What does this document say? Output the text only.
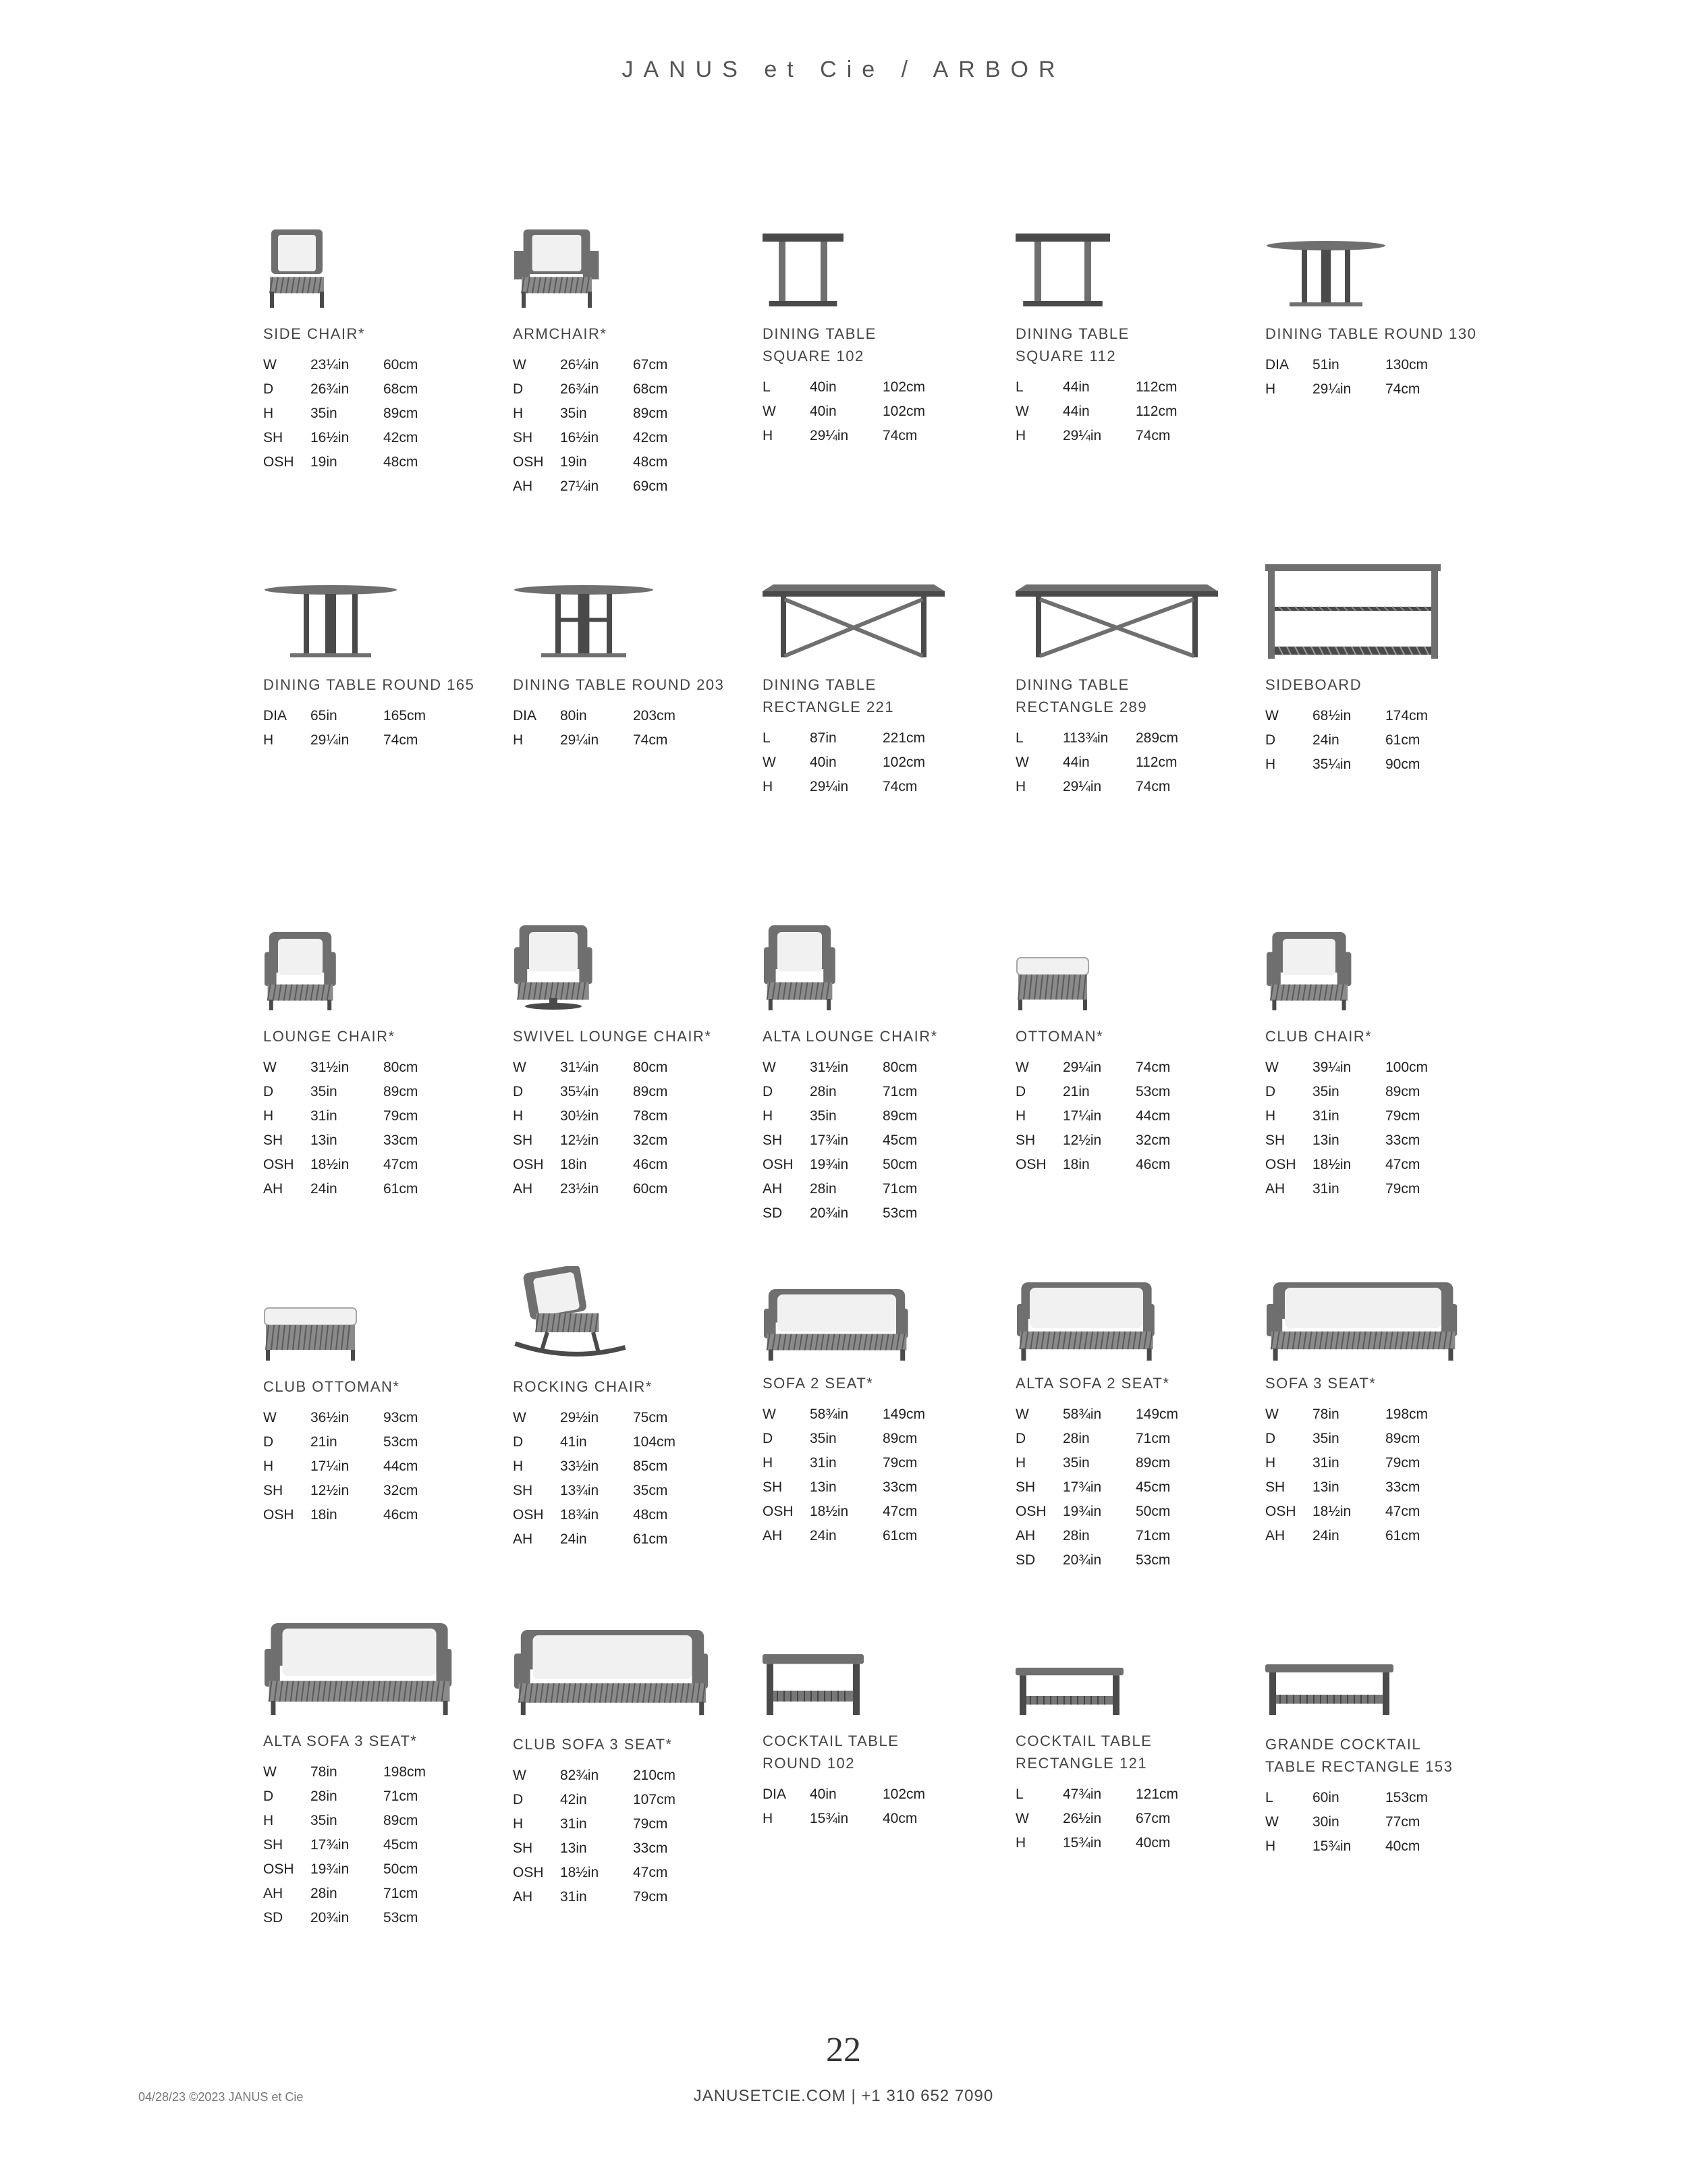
JANUS et Cie / ARBOR
SIDE CHAIR*
W	23¼in	60cm
D	26¾in	68cm
H	35in	89cm
SH	16½in	42cm
OSH	19in	48cm
ARMCHAIR*
W	26¼in	67cm
D	26¾in	68cm
H	35in	89cm
SH	16½in	42cm
OSH	19in	48cm
AH	27¼in	69cm
DINING TABLE
SQUARE 102
L	40in	102cm
W	40in	102cm
H	29¼in	74cm
DINING TABLE
SQUARE 112
L	44in	112cm
W	44in	112cm
H	29¼in	74cm
DINING TABLE ROUND 130
DIA	51in	130cm
H	29¼in	74cm
DINING TABLE ROUND 165
DIA	65in	165cm
H	29¼in	74cm
DINING TABLE ROUND 203
DIA	80in	203cm
H	29¼in	74cm
DINING TABLE
RECTANGLE 221
L	87in	221cm
W	40in	102cm
H	29¼in	74cm
DINING TABLE
RECTANGLE 289
L	113¾in	289cm
W	44in	112cm
H	29¼in	74cm
SIDEBOARD
W	68½in	174cm
D	24in	61cm
H	35¼in	90cm
LOUNGE CHAIR*
W	31½in	80cm
D	35in	89cm
H	31in	79cm
SH	13in	33cm
OSH	18½in	47cm
AH	24in	61cm
SWIVEL LOUNGE CHAIR*
W	31¼in	80cm
D	35¼in	89cm
H	30½in	78cm
SH	12½in	32cm
OSH	18in	46cm
AH	23½in	60cm
ALTA LOUNGE CHAIR*
W	31½in	80cm
D	28in	71cm
H	35in	89cm
SH	17¾in	45cm
OSH	19¾in	50cm
AH	28in	71cm
SD	20¾in	53cm
OTTOMAN*
W	29¼in	74cm
D	21in	53cm
H	17¼in	44cm
SH	12½in	32cm
OSH	18in	46cm
CLUB CHAIR*
W	39¼in	100cm
D	35in	89cm
H	31in	79cm
SH	13in	33cm
OSH	18½in	47cm
AH	31in	79cm
CLUB OTTOMAN*
W	36½in	93cm
D	21in	53cm
H	17¼in	44cm
SH	12½in	32cm
OSH	18in	46cm
ROCKING CHAIR*
W	29½in	75cm
D	41in	104cm
H	33½in	85cm
SH	13¾in	35cm
OSH	18¾in	48cm
AH	24in	61cm
SOFA 2 SEAT*
W	58¾in	149cm
D	35in	89cm
H	31in	79cm
SH	13in	33cm
OSH	18½in	47cm
AH	24in	61cm
ALTA SOFA 2 SEAT*
W	58¾in	149cm
D	28in	71cm
H	35in	89cm
SH	17¾in	45cm
OSH	19¾in	50cm
AH	28in	71cm
SD	20¾in	53cm
SOFA 3 SEAT*
W	78in	198cm
D	35in	89cm
H	31in	79cm
SH	13in	33cm
OSH	18½in	47cm
AH	24in	61cm
ALTA SOFA 3 SEAT*
W	78in	198cm
D	28in	71cm
H	35in	89cm
SH	17¾in	45cm
OSH	19¾in	50cm
AH	28in	71cm
SD	20¾in	53cm
CLUB SOFA 3 SEAT*
W	82¾in	210cm
D	42in	107cm
H	31in	79cm
SH	13in	33cm
OSH	18½in	47cm
AH	31in	79cm
COCKTAIL TABLE
ROUND 102
DIA	40in	102cm
H	15¾in	40cm
COCKTAIL TABLE
RECTANGLE 121
L	47¾in	121cm
W	26½in	67cm
H	15¾in	40cm
GRANDE COCKTAIL
TABLE RECTANGLE 153
L	60in	153cm
W	30in	77cm
H	15¾in	40cm
22
04/28/23 ©2023 JANUS et Cie	JANUSETCIE.COM | +1 310 652 7090
